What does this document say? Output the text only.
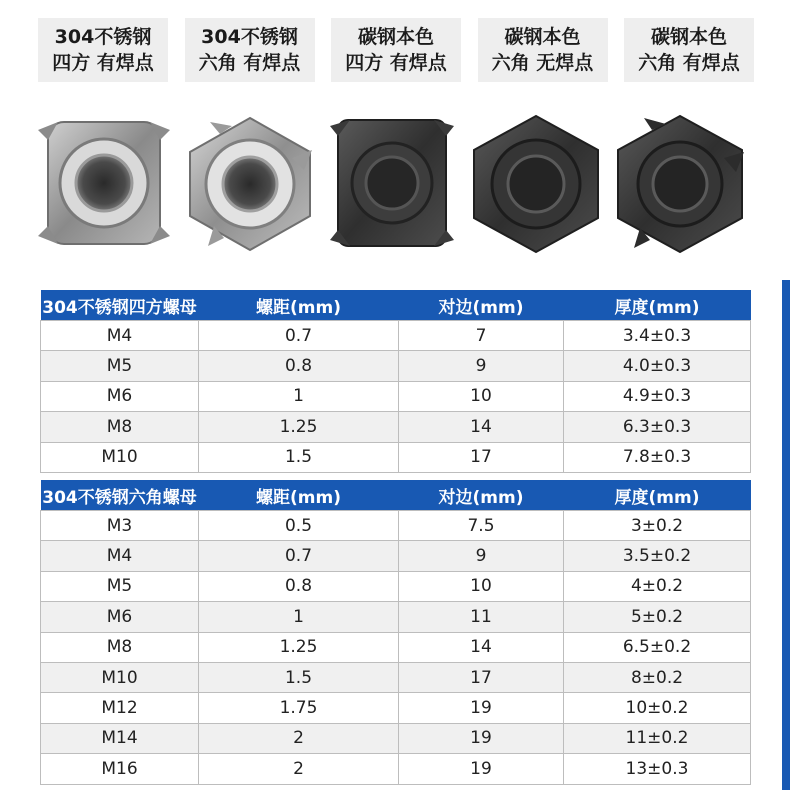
304不锈钢
四方 有焊点
304不锈钢
六角 有焊点
碳钢本色
四方 有焊点
碳钢本色
六角 无焊点
碳钢本色
六角 有焊点
304不锈钢四方螺母	螺距(mm)	对边(mm)	厚度(mm)
M4	0.7	7	3.4±0.3
M5	0.8	9	4.0±0.3
M6	1	10	4.9±0.3
M8	1.25	14	6.3±0.3
M10	1.5	17	7.8±0.3
304不锈钢六角螺母	螺距(mm)	对边(mm)	厚度(mm)
M3	0.5	7.5	3±0.2
M4	0.7	9	3.5±0.2
M5	0.8	10	4±0.2
M6	1	11	5±0.2
M8	1.25	14	6.5±0.2
M10	1.5	17	8±0.2
M12	1.75	19	10±0.2
M14	2	19	11±0.2
M16	2	19	13±0.3
